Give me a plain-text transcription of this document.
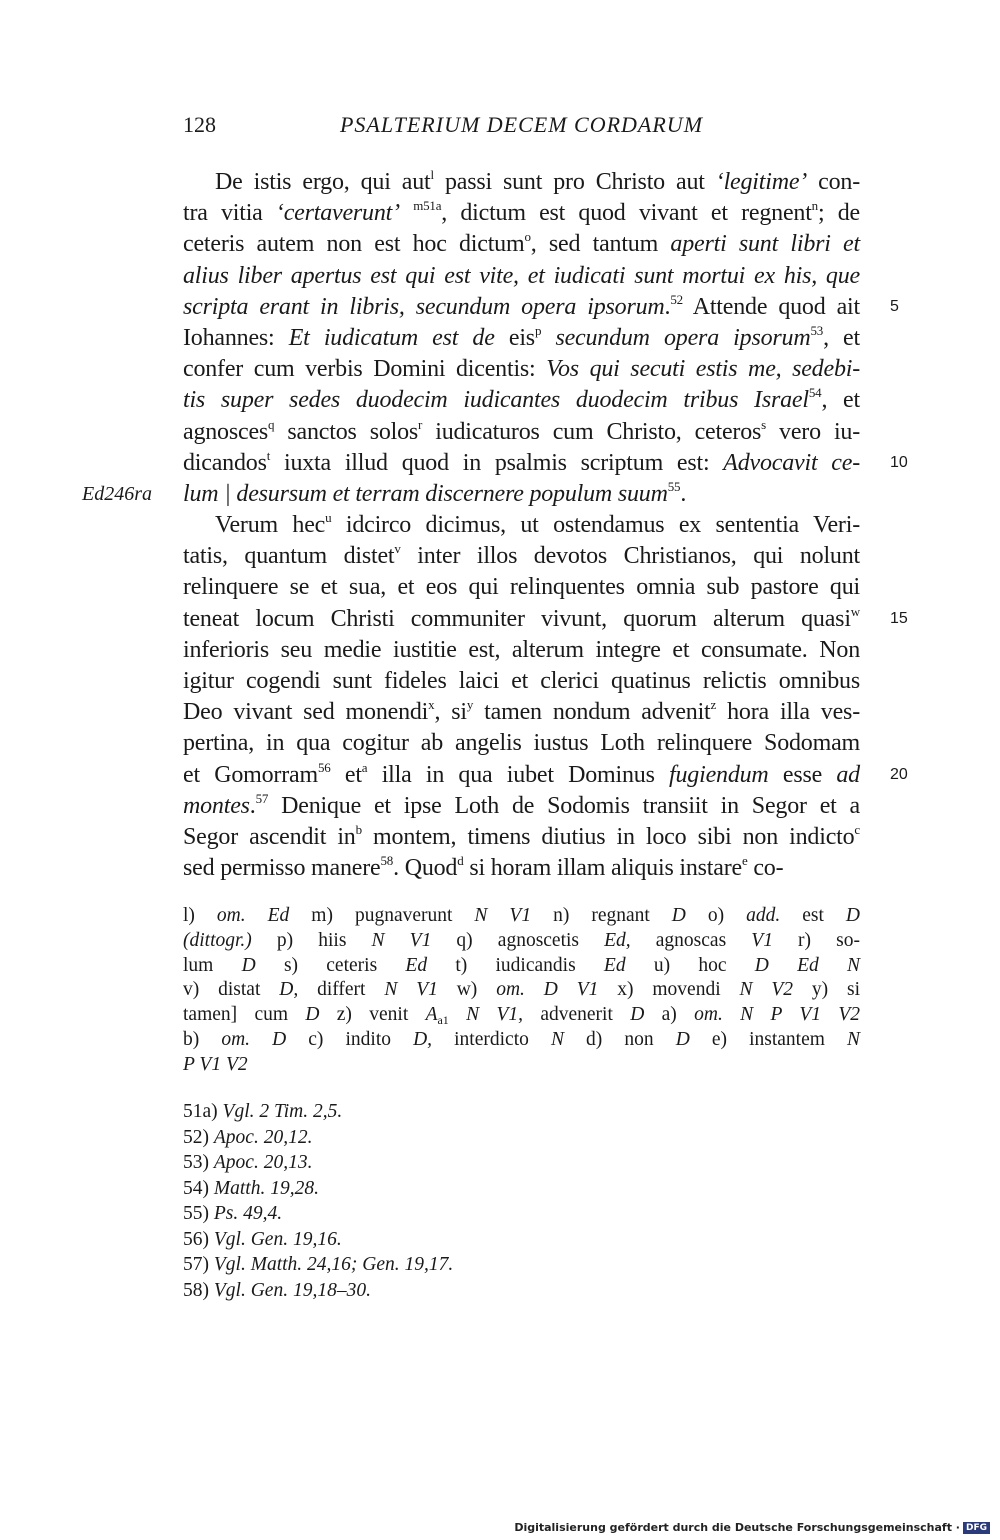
128	PSALTERIUM DECEM CORDARUM
Ed246ra
5
10
15
20
De istis ergo, qui aut$^l$ passi sunt pro Christo aut ‘legitime’ con-
tra vitia ‘certaverunt’ $^{m51a}$, dictum est quod vivant et regnent$^n$; de
ceteris autem non est hoc dictum$^o$, sed tantum aperti sunt libri et
alius liber apertus est qui est vite, et iudicati sunt mortui ex his, que
scripta erant in libris, secundum opera ipsorum.$^{52}$ Attende quod ait
Iohannes: Et iudicatum est de eis$^p$ secundum opera ipsorum$^{53}$, et
confer cum verbis Domini dicentis: Vos qui secuti estis me, sedebi-
tis super sedes duodecim iudicantes duodecim tribus Israel$^{54}$, et
agnosces$^q$ sanctos solos$^r$ iudicaturos cum Christo, ceteros$^s$ vero iu-
dicandos$^t$ iuxta illud quod in psalmis scriptum est: Advocavit ce-
lum | desursum et terram discernere populum suum$^{55}$.
Verum hec$^u$ idcirco dicimus, ut ostendamus ex sententia Veri-
tatis, quantum distet$^v$ inter illos devotos Christianos, qui nolunt
relinquere se et sua, et eos qui relinquentes omnia sub pastore qui
teneat locum Christi communiter vivunt, quorum alterum quasi$^w$
inferioris seu medie iustitie est, alterum integre et consumate. Non
igitur cogendi sunt fideles laici et clerici quatinus relictis omnibus
Deo vivant sed monendi$^x$, $si^y$ tamen nondum advenit$^z$ hora illa ves-
pertina, in qua cogitur ab angelis iustus Loth relinquere Sodomam
et Gomorram$^{56}$ $et^a$ illa in qua iubet Dominus fugiendum esse ad
montes.$^{57}$ Denique et ipse Loth de Sodomis transiit in Segor et a
Segor ascendit $in^b$ montem, timens diutius in loco sibi non indicto$^c$
sed permisso manere$^{58}$. Quod$^d$ si horam illam aliquis instare$^e$ co-
l) om. Ed m) pugnaverunt N V1 n) regnant D o) add. est D
(dittogr.) p) hiis N V1 q) agnoscetis Ed, agnoscas V1 r) so-
lum D s) ceteris Ed t) iudicandis Ed u) hoc D Ed N
v) distat D, differt N V1 w) om. D V1 x) movendi N V2 y) si
tamen] cum D z) venit $A_{a1}$ N V1, advenerit D a) om. N P V1 V2
b) om. D c) indito D, interdicto N d) non D e) instantem N
P V1 V2
51a) Vgl. 2 Tim. 2,5.
52) Apoc. 20,12.
53) Apoc. 20,13.
54) Matth. 19,28.
55) Ps. 49,4.
56) Vgl. Gen. 19,16.
57) Vgl. Matth. 24,16; Gen. 19,17.
58) Vgl. Gen. 19,18–30.
Digitalisierung gefördert durch die Deutsche Forschungsgemeinschaft · DFG
